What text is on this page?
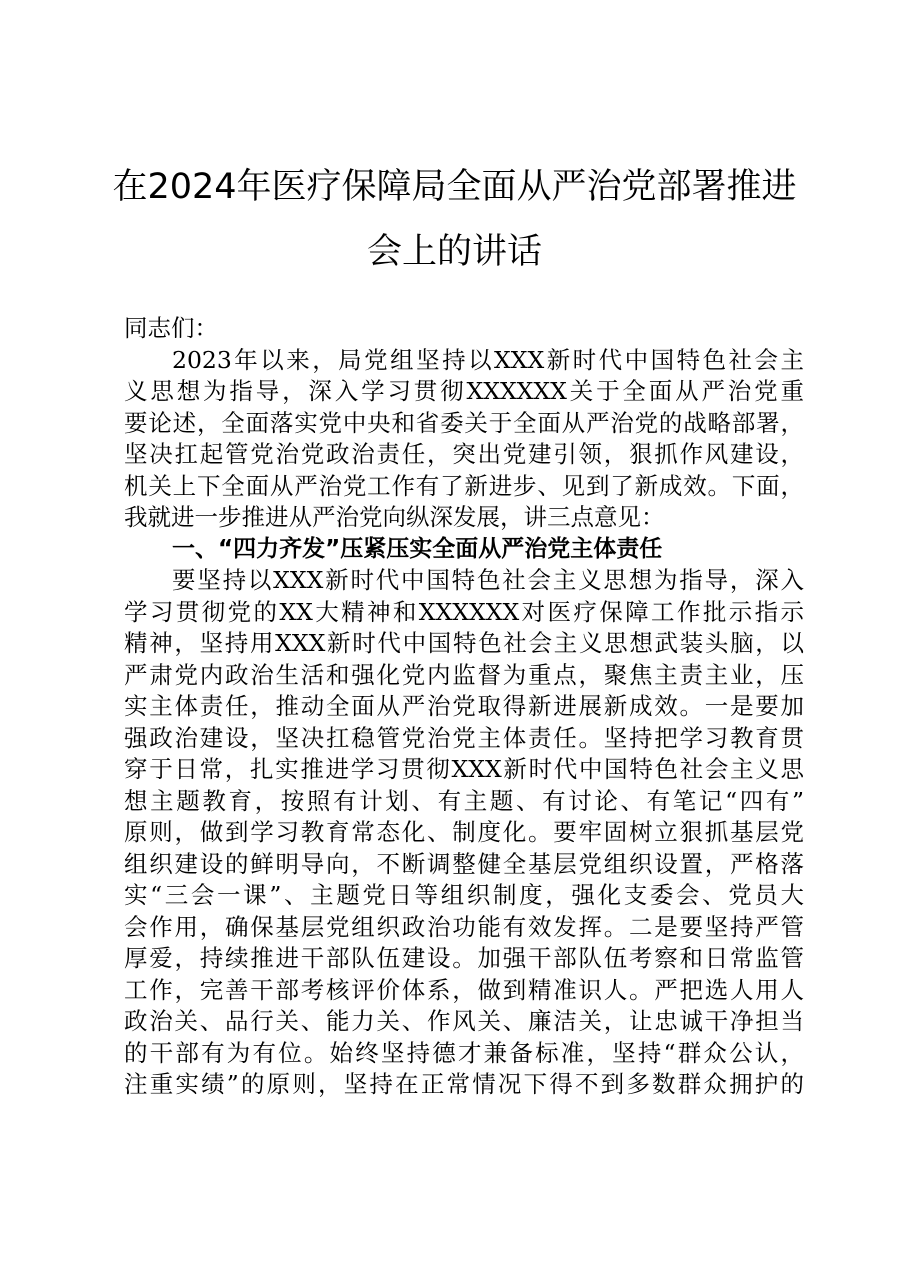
在2024年医疗保障局全面从严治党部署推进
会上的讲话
同志们：
2023年以来，局党组坚持以XXX新时代中国特色社会主
义思想为指导，深入学习贯彻XXXXXX关于全面从严治党重
要论述，全面落实党中央和省委关于全面从严治党的战略部署，
坚决扛起管党治党政治责任，突出党建引领，狠抓作风建设，
机关上下全面从严治党工作有了新进步、见到了新成效。下面，
我就进一步推进从严治党向纵深发展，讲三点意见：
一、“四力齐发”压紧压实全面从严治党主体责任
要坚持以XXX新时代中国特色社会主义思想为指导，深入
学习贯彻党的XX大精神和XXXXXX对医疗保障工作批示指示
精神，坚持用XXX新时代中国特色社会主义思想武装头脑，以
严肃党内政治生活和强化党内监督为重点，聚焦主责主业，压
实主体责任，推动全面从严治党取得新进展新成效。一是要加
强政治建设，坚决扛稳管党治党主体责任。坚持把学习教育贯
穿于日常，扎实推进学习贯彻XXX新时代中国特色社会主义思
想主题教育，按照有计划、有主题、有讨论、有笔记“四有”
原则，做到学习教育常态化、制度化。要牢固树立狠抓基层党
组织建设的鲜明导向，不断调整健全基层党组织设置，严格落
实“三会一课”、主题党日等组织制度，强化支委会、党员大
会作用，确保基层党组织政治功能有效发挥。二是要坚持严管
厚爱，持续推进干部队伍建设。加强干部队伍考察和日常监管
工作，完善干部考核评价体系，做到精准识人。严把选人用人
政治关、品行关、能力关、作风关、廉洁关，让忠诚干净担当
的干部有为有位。始终坚持德才兼备标准，坚持“群众公认，
注重实绩”的原则，坚持在正常情况下得不到多数群众拥护的
